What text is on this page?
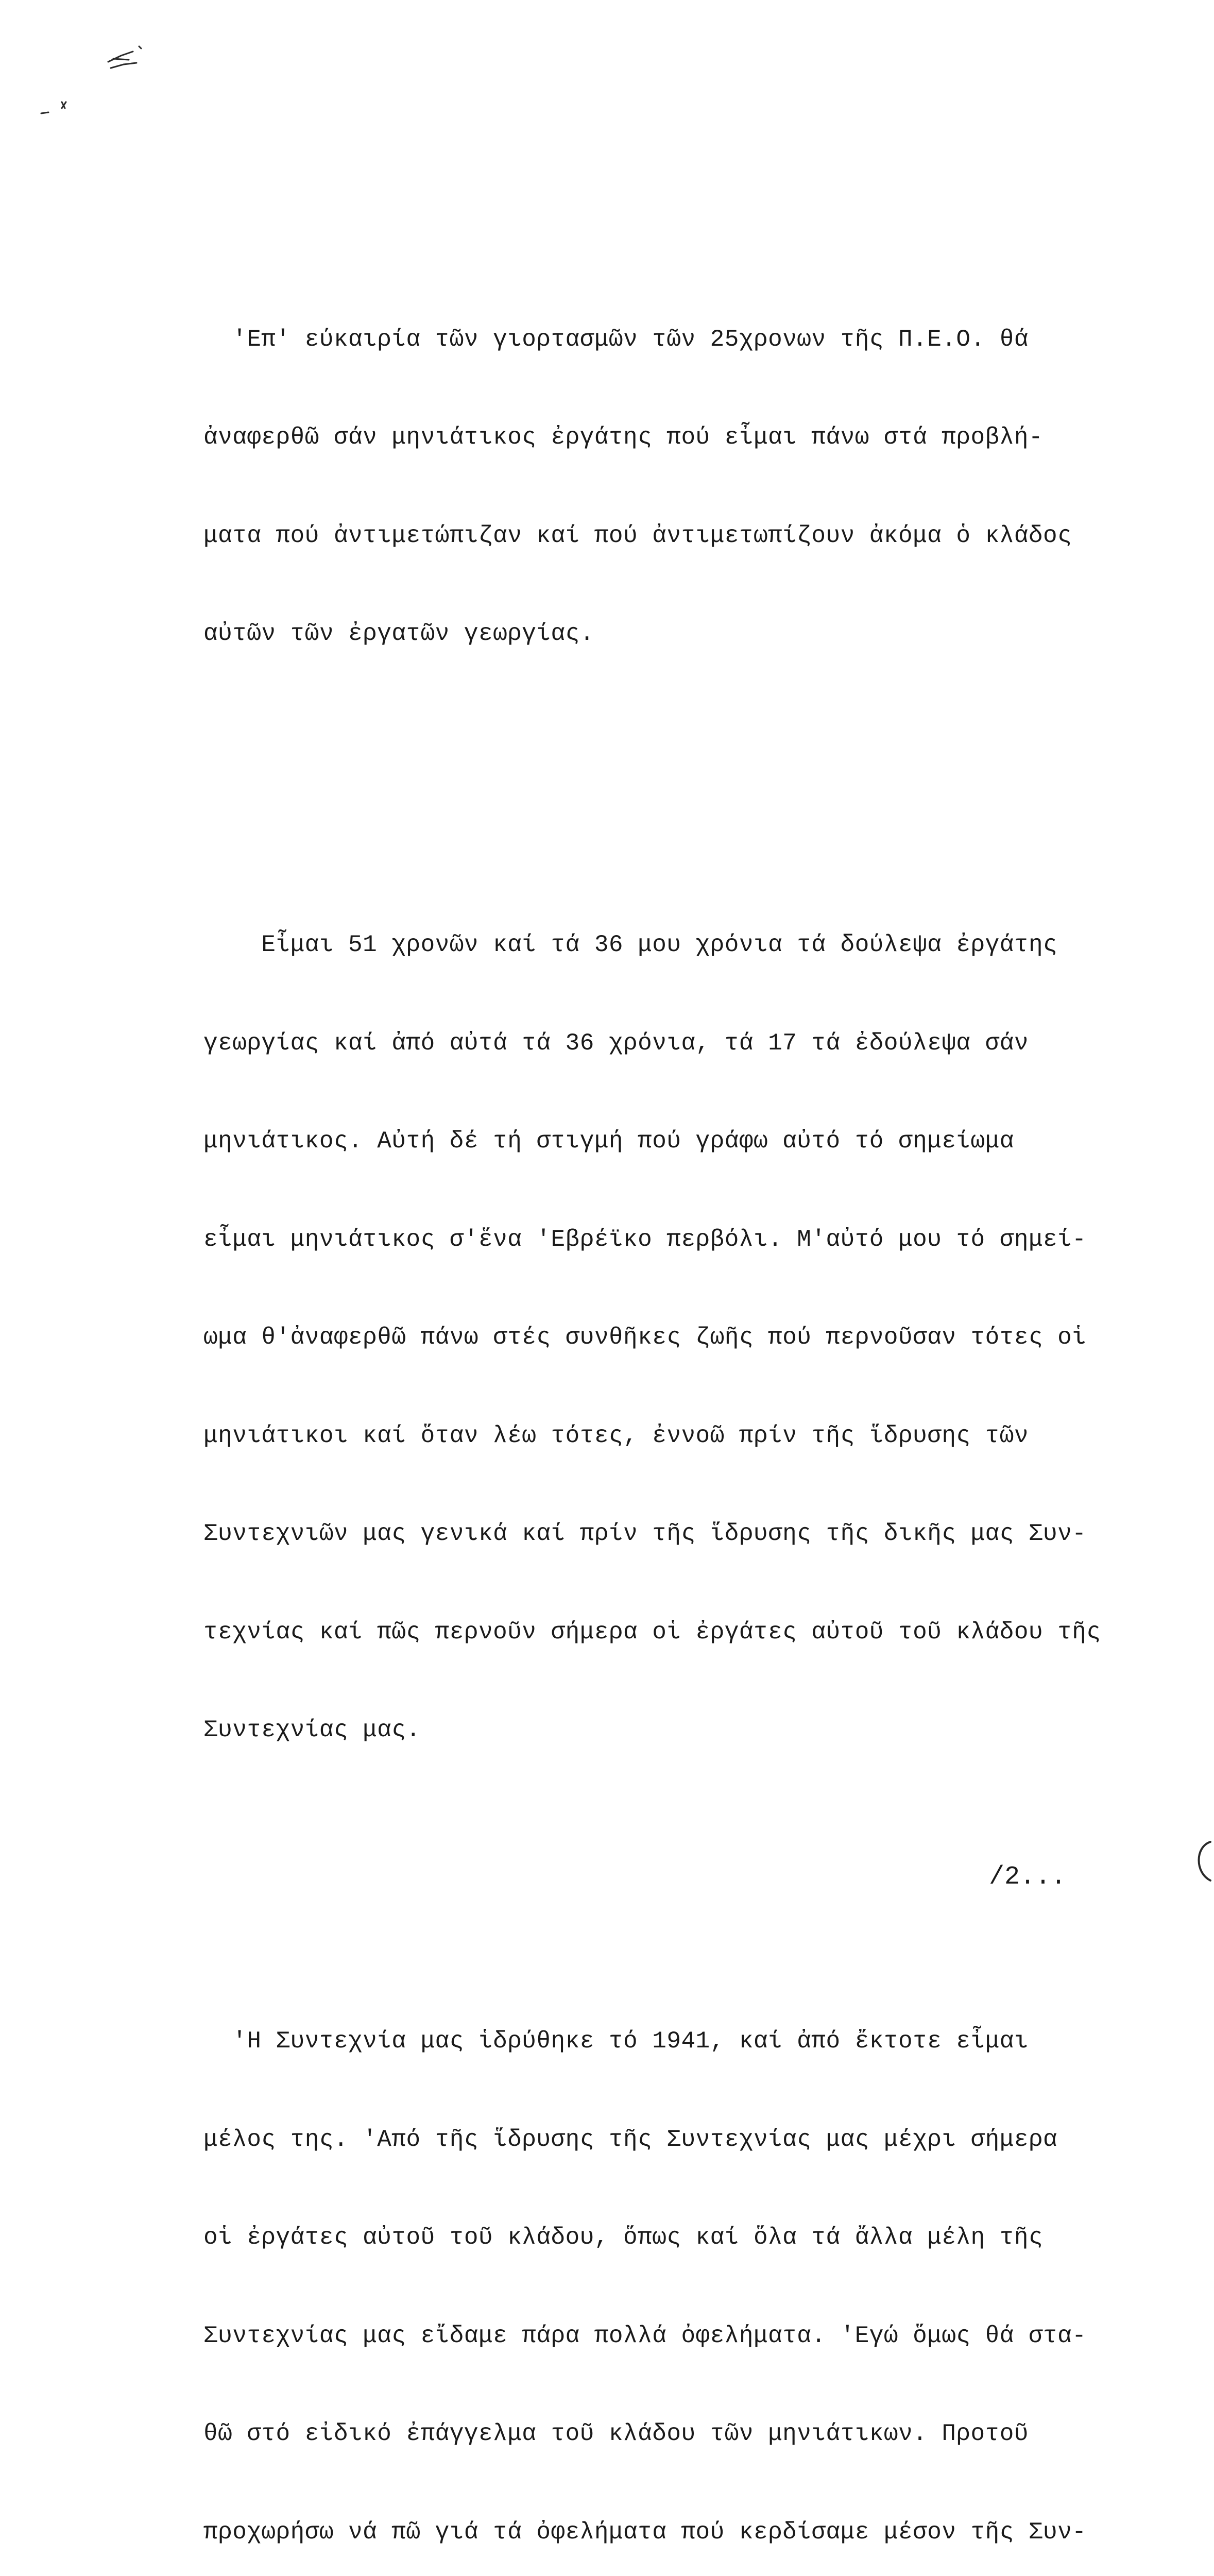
'Επ' εύκαιρία τῶν γιορτασμῶν τῶν 25χρονων τῆς Π.Ε.Ο. θά

ἀναφερθῶ σάν μηνιάτικος ἐργάτης πού εἶμαι πάνω στά προβλή-

ματα πού ἀντιμετώπιζαν καί πού ἀντιμετωπίζουν ἀκόμα ὁ κλάδος

αὐτῶν τῶν ἐργατῶν γεωργίας.

Εἶμαι 51 χρονῶν καί τά 36 μου χρόνια τά δούλεψα ἐργάτης

γεωργίας καί ἀπό αὐτά τά 36 χρόνια, τά 17 τά ἐδούλεψα σάν

μηνιάτικος. Αὐτή δέ τή στιγμή πού γράφω αὐτό τό σημείωμα

εἶμαι μηνιάτικος σ'ἕνα 'Εβρέϊκο περβόλι. Μ'αὐτό μου τό σημεί-

ωμα θ'ἀναφερθῶ πάνω στές συνθῆκες ζωῆς πού περνοῦσαν τότες οἱ

μηνιάτικοι καί ὅταν λέω τότες, ἐννοῶ πρίν τῆς ἵδρυσης τῶν

Συντεχνιῶν μας γενικά καί πρίν τῆς ἵδρυσης τῆς δικῆς μας Συν-

τεχνίας καί πῶς περνοῦν σήμερα οἱ ἐργάτες αὐτοῦ τοῦ κλάδου τῆς

Συντεχνίας μας.

'Η Συντεχνία μας ἱδρύθηκε τό 1941, καί ἀπό ἔκτοτε εἶμαι

μέλος της. 'Από τῆς ἵδρυσης τῆς Συντεχνίας μας μέχρι σήμερα

οἱ ἐργάτες αὐτοῦ τοῦ κλάδου, ὅπως καί ὅλα τά ἄλλα μέλη τῆς

Συντεχνίας μας εἴδαμε πάρα πολλά ὀφελήματα. 'Εγώ ὅμως θά στα-

θῶ στό εἰδικό ἐπάγγελμα τοῦ κλάδου τῶν μηνιάτικων. Προτοῦ

προχωρήσω νά πῶ γιά τά ὀφελήματα πού κερδίσαμε μέσον τῆς Συν-

/2...
